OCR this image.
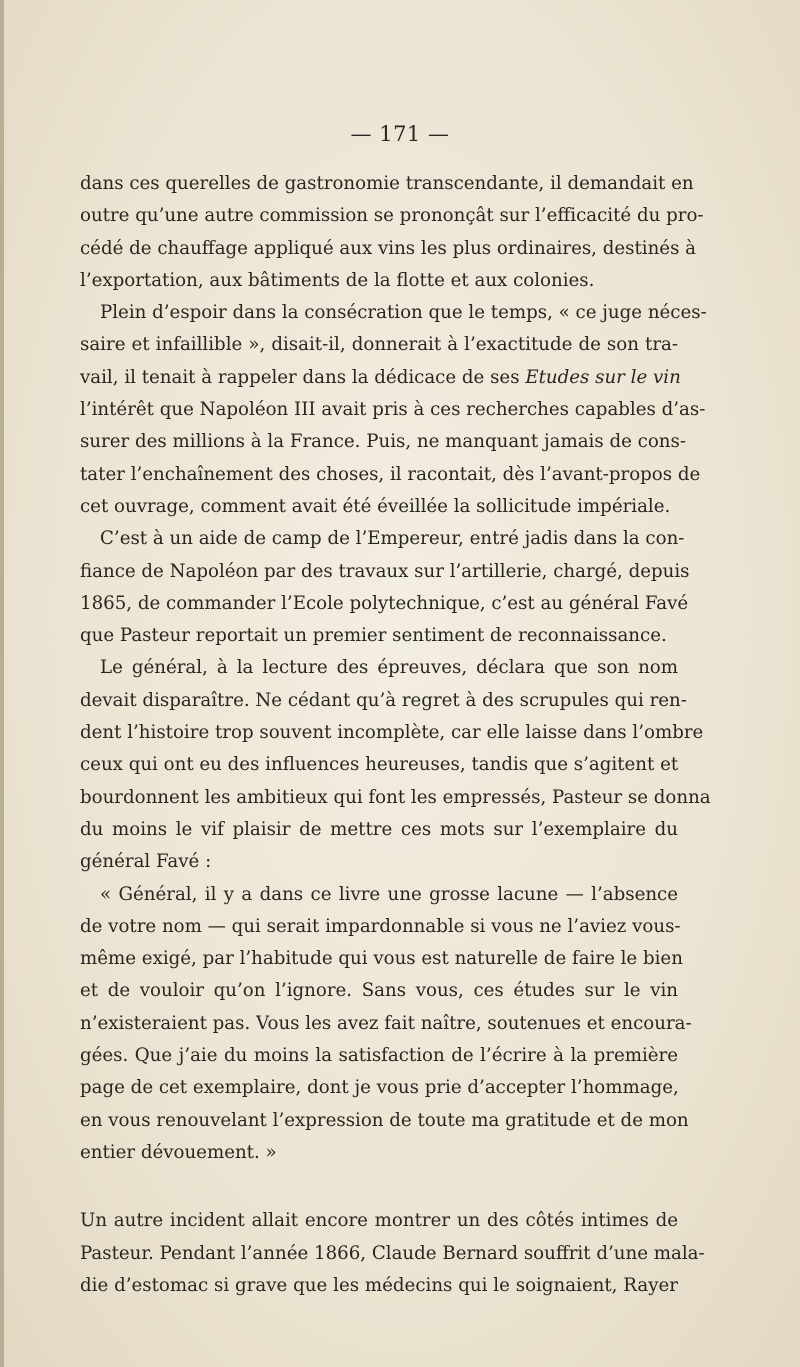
— 171 —
dans ces querelles de gastronomie transcendante, il demandait en
outre qu’une autre commission se prononçât sur l’efficacité du pro-
cédé de chauffage appliqué aux vins les plus ordinaires, destinés à
l’exportation, aux bâtiments de la flotte et aux colonies.
Plein d’espoir dans la consécration que le temps, « ce juge néces-
saire et infaillible », disait-il, donnerait à l’exactitude de son tra-
vail, il tenait à rappeler dans la dédicace de ses Etudes sur le vin
l’intérêt que Napoléon III avait pris à ces recherches capables d’as-
surer des millions à la France. Puis, ne manquant jamais de cons-
tater l’enchaînement des choses, il racontait, dès l’avant-propos de
cet ouvrage, comment avait été éveillée la sollicitude impériale.
C’est à un aide de camp de l’Empereur, entré jadis dans la con-
fiance de Napoléon par des travaux sur l’artillerie, chargé, depuis
1865, de commander l’Ecole polytechnique, c’est au général Favé
que Pasteur reportait un premier sentiment de reconnaissance.
Le général, à la lecture des épreuves, déclara que son nom
devait disparaître. Ne cédant qu’à regret à des scrupules qui ren-
dent l’histoire trop souvent incomplète, car elle laisse dans l’ombre
ceux qui ont eu des influences heureuses, tandis que s’agitent et
bourdonnent les ambitieux qui font les empressés, Pasteur se donna
du moins le vif plaisir de mettre ces mots sur l’exemplaire du
général Favé :
« Général, il y a dans ce livre une grosse lacune — l’absence
de votre nom — qui serait impardonnable si vous ne l’aviez vous-
même exigé, par l’habitude qui vous est naturelle de faire le bien
et de vouloir qu’on l’ignore. Sans vous, ces études sur le vin
n’existeraient pas. Vous les avez fait naître, soutenues et encoura-
gées. Que j’aie du moins la satisfaction de l’écrire à la première
page de cet exemplaire, dont je vous prie d’accepter l’hommage,
en vous renouvelant l’expression de toute ma gratitude et de mon
entier dévouement. »
Un autre incident allait encore montrer un des côtés intimes de
Pasteur. Pendant l’année 1866, Claude Bernard souffrit d’une mala-
die d’estomac si grave que les médecins qui le soignaient, Rayer
